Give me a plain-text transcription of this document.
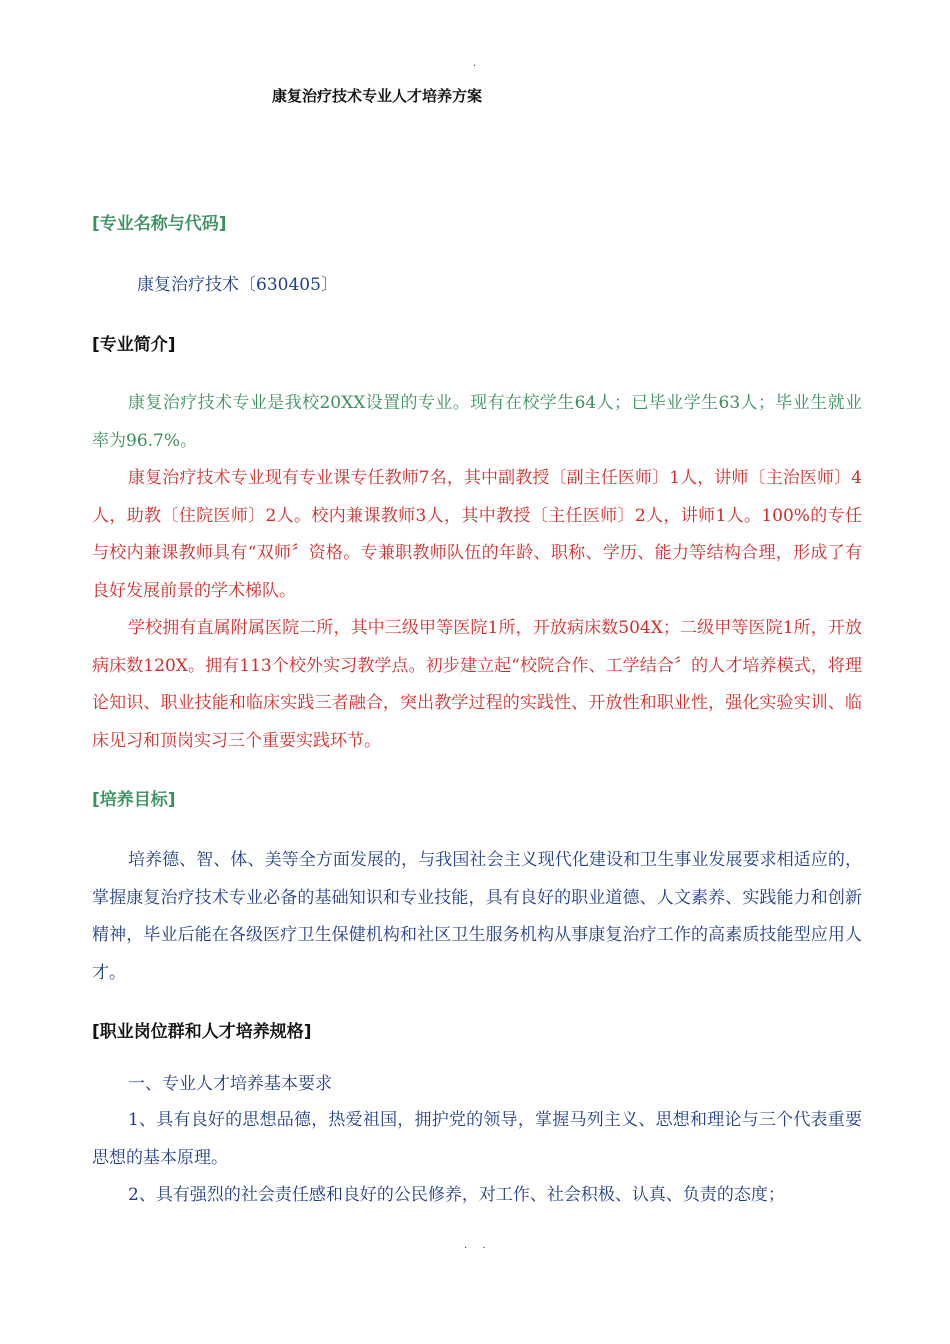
.
康复治疗技术专业人才培养方案
[专业名称与代码]
康复治疗技术〔630405〕
[专业简介]

康复治疗技术专业是我校20XX设置的专业。现有在校学生64人；已毕业学生63人；毕业生就业率为96.7%。

康复治疗技术专业现有专业课专任教师7名，其中副教授〔副主任医师〕1人，讲师〔主治医师〕4人，助教〔住院医师〕2人。校内兼课教师3人，其中教授〔主任医师〕2人，讲师1人。100%的专任与校内兼课教师具有“双师〞资格。专兼职教师队伍的年龄、职称、学历、能力等结构合理，形成了有良好发展前景的学术梯队。

学校拥有直属附属医院二所，其中三级甲等医院1所，开放病床数504X；二级甲等医院1所，开放病床数120X。拥有113个校外实习教学点。初步建立起“校院合作、工学结合〞的人才培养模式，将理论知识、职业技能和临床实践三者融合，突出教学过程的实践性、开放性和职业性，强化实验实训、临床见习和顶岗实习三个重要实践环节。

[培养目标]

培养德、智、体、美等全方面发展的，与我国社会主义现代化建设和卫生事业发展要求相适应的，掌握康复治疗技术专业必备的基础知识和专业技能，具有良好的职业道德、人文素养、实践能力和创新精神，毕业后能在各级医疗卫生保健机构和社区卫生服务机构从事康复治疗工作的高素质技能型应用人才。

[职业岗位群和人才培养规格]
一、专业人才培养基本要求

1、具有良好的思想品德，热爱祖国，拥护党的领导，掌握马列主义、思想和理论与三个代表重要思想的基本原理。

2、具有强烈的社会责任感和良好的公民修养，对工作、社会积极、认真、负责的态度；

. .
